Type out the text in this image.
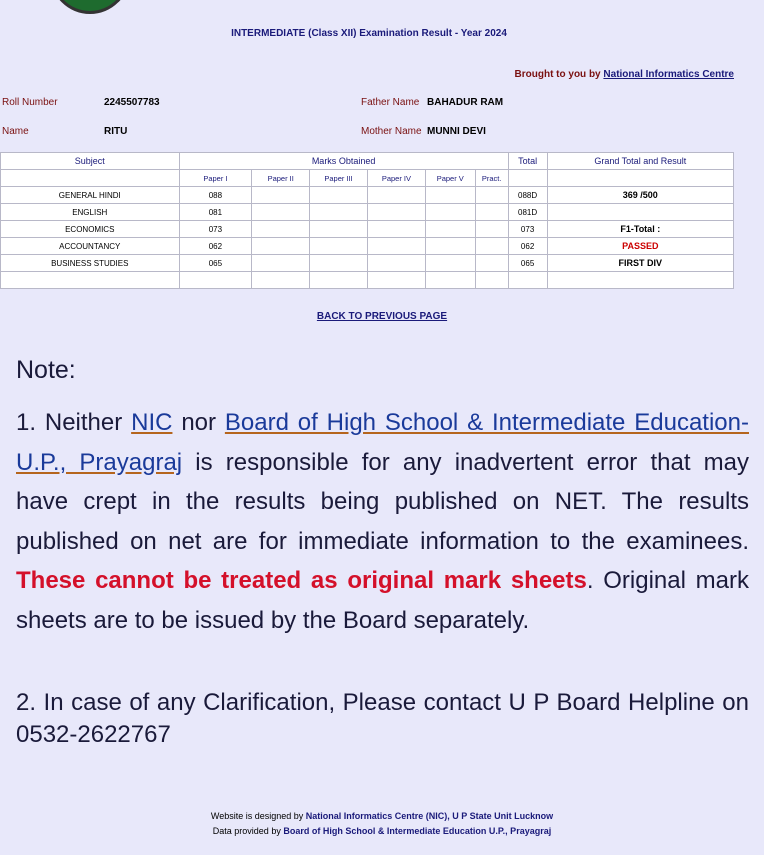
INTERMEDIATE (Class XII) Examination Result - Year 2024
Brought to you by National Informatics Centre
Roll Number	2245507783	Father Name BAHADUR RAM
Name	RITU	Mother Name MUNNI DEVI
Subject	Marks Obtained						Total	Grand Total and Result
	Paper I	Paper II	Paper III	Paper IV	Paper V	Pract.		
GENERAL HINDI	088						088D	369 /500
ENGLISH	081						081D	
ECONOMICS	073						073	F1-Total :
ACCOUNTANCY	062						062	PASSED
BUSINESS STUDIES	065						065	FIRST DIV

BACK TO PREVIOUS PAGE
Note:
1. Neither NIC nor Board of High School & Intermediate Education-U.P., Prayagraj is responsible for any inadvertent error that may have crept in the results being published on NET. The results published on net are for immediate information to the examinees. These cannot be treated as original mark sheets. Original mark sheets are to be issued by the Board separately.
2. In case of any Clarification, Please contact U P Board Helpline on 0532-2622767
Website is designed by National Informatics Centre (NIC), U P State Unit Lucknow
Data provided by Board of High School & Intermediate Education U.P., Prayagraj
